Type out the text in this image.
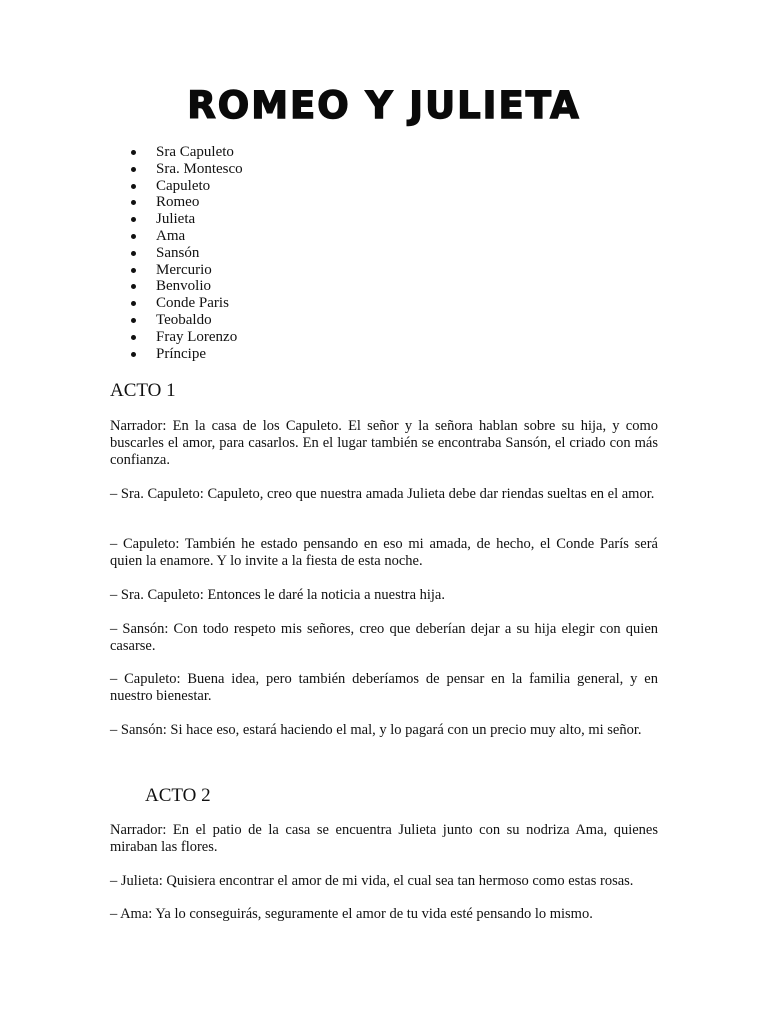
ROMEO Y JULIETA
Sra Capuleto
Sra. Montesco
Capuleto
Romeo
Julieta
Ama
Sansón
Mercurio
Benvolio
Conde Paris
Teobaldo
Fray Lorenzo
Príncipe
ACTO 1

Narrador: En la casa de los Capuleto. El señor y la señora hablan sobre su hija, y como buscarles el amor, para casarlos. En el lugar también se encontraba Sansón, el criado con más confianza.

– Sra. Capuleto: Capuleto, creo que nuestra amada Julieta debe dar riendas sueltas en el amor.

– Capuleto: También he estado pensando en eso mi amada, de hecho, el Conde París será quien la enamore. Y lo invite a la fiesta de esta noche.

– Sra. Capuleto: Entonces le daré la noticia a nuestra hija.

– Sansón: Con todo respeto mis señores, creo que deberían dejar a su hija elegir con quien casarse.

– Capuleto: Buena idea, pero también deberíamos de pensar en la familia general, y en nuestro bienestar.

– Sansón: Si hace eso, estará haciendo el mal, y lo pagará con un precio muy alto, mi señor.

ACTO 2

Narrador: En el patio de la casa se encuentra Julieta junto con su nodriza Ama, quienes miraban las flores.

– Julieta: Quisiera encontrar el amor de mi vida, el cual sea tan hermoso como estas rosas.

– Ama: Ya lo conseguirás, seguramente el amor de tu vida esté pensando lo mismo.
